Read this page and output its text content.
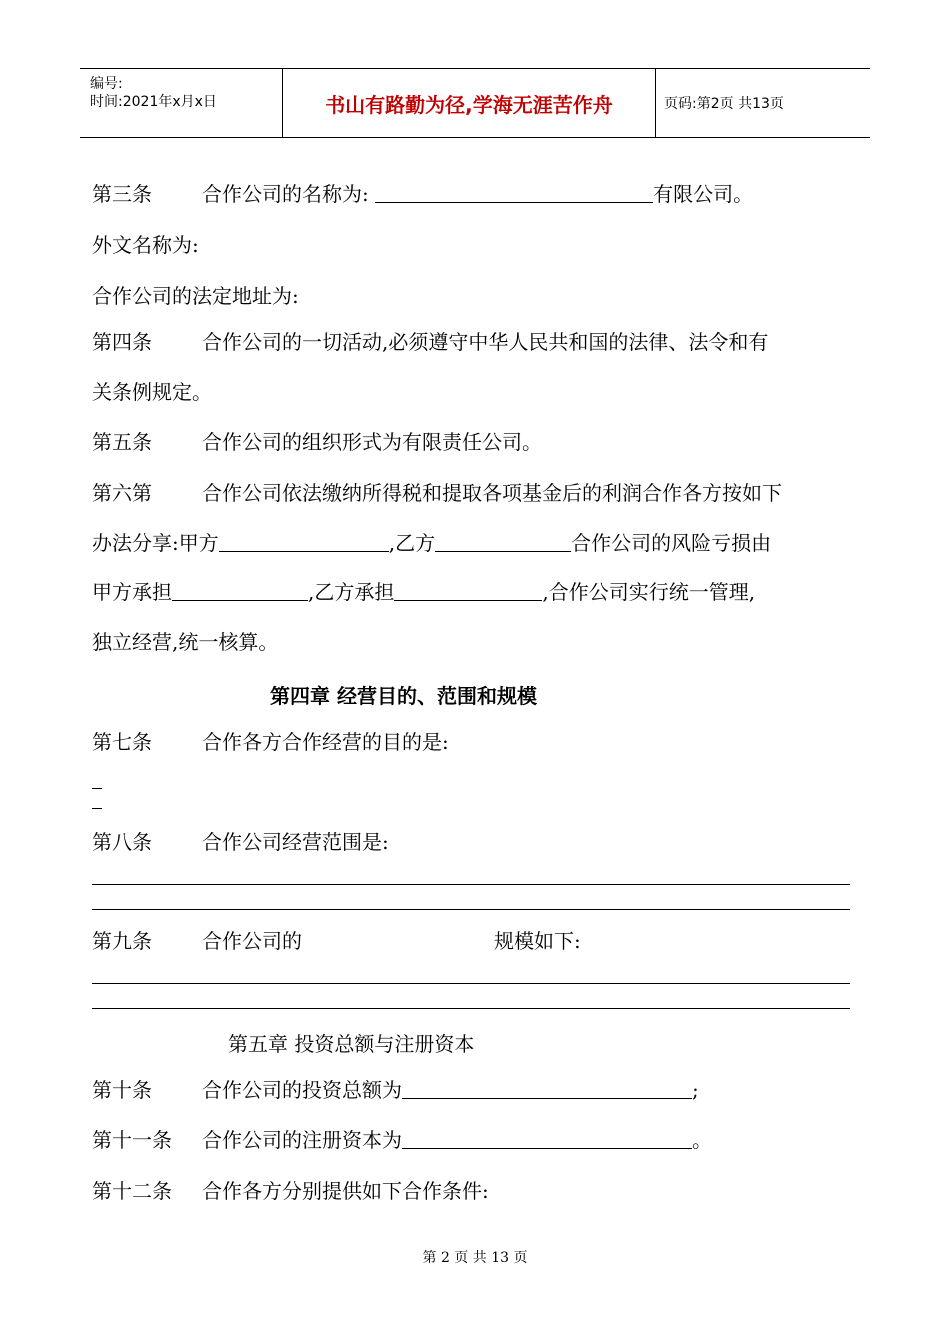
编号:
时间:2021年x月x日	书山有路勤为径,学海无涯苦作舟	页码:第2页 共13页
第三条	合作公司的名称为:	有限公司。
外文名称为:
合作公司的法定地址为:
第四条	合作公司的一切活动,必须遵守中华人民共和国的法律、法令和有
关条例规定。
第五条	合作公司的组织形式为有限责任公司。
第六第	合作公司依法缴纳所得税和提取各项基金后的利润合作各方按如下
办法分享:甲方	,乙方	合作公司的风险亏损由
甲方承担	,乙方承担	,合作公司实行统一管理,
独立经营,统一核算。
第四章 经营目的、范围和规模
第七条	合作各方合作经营的目的是:
第八条	合作公司经营范围是:
第九条	合作公司的	规模如下:
第五章 投资总额与注册资本
第十条	合作公司的投资总额为	;
第十一条 合作公司的注册资本为	。
第十二条 合作各方分别提供如下合作条件:
第 2 页 共 13 页
